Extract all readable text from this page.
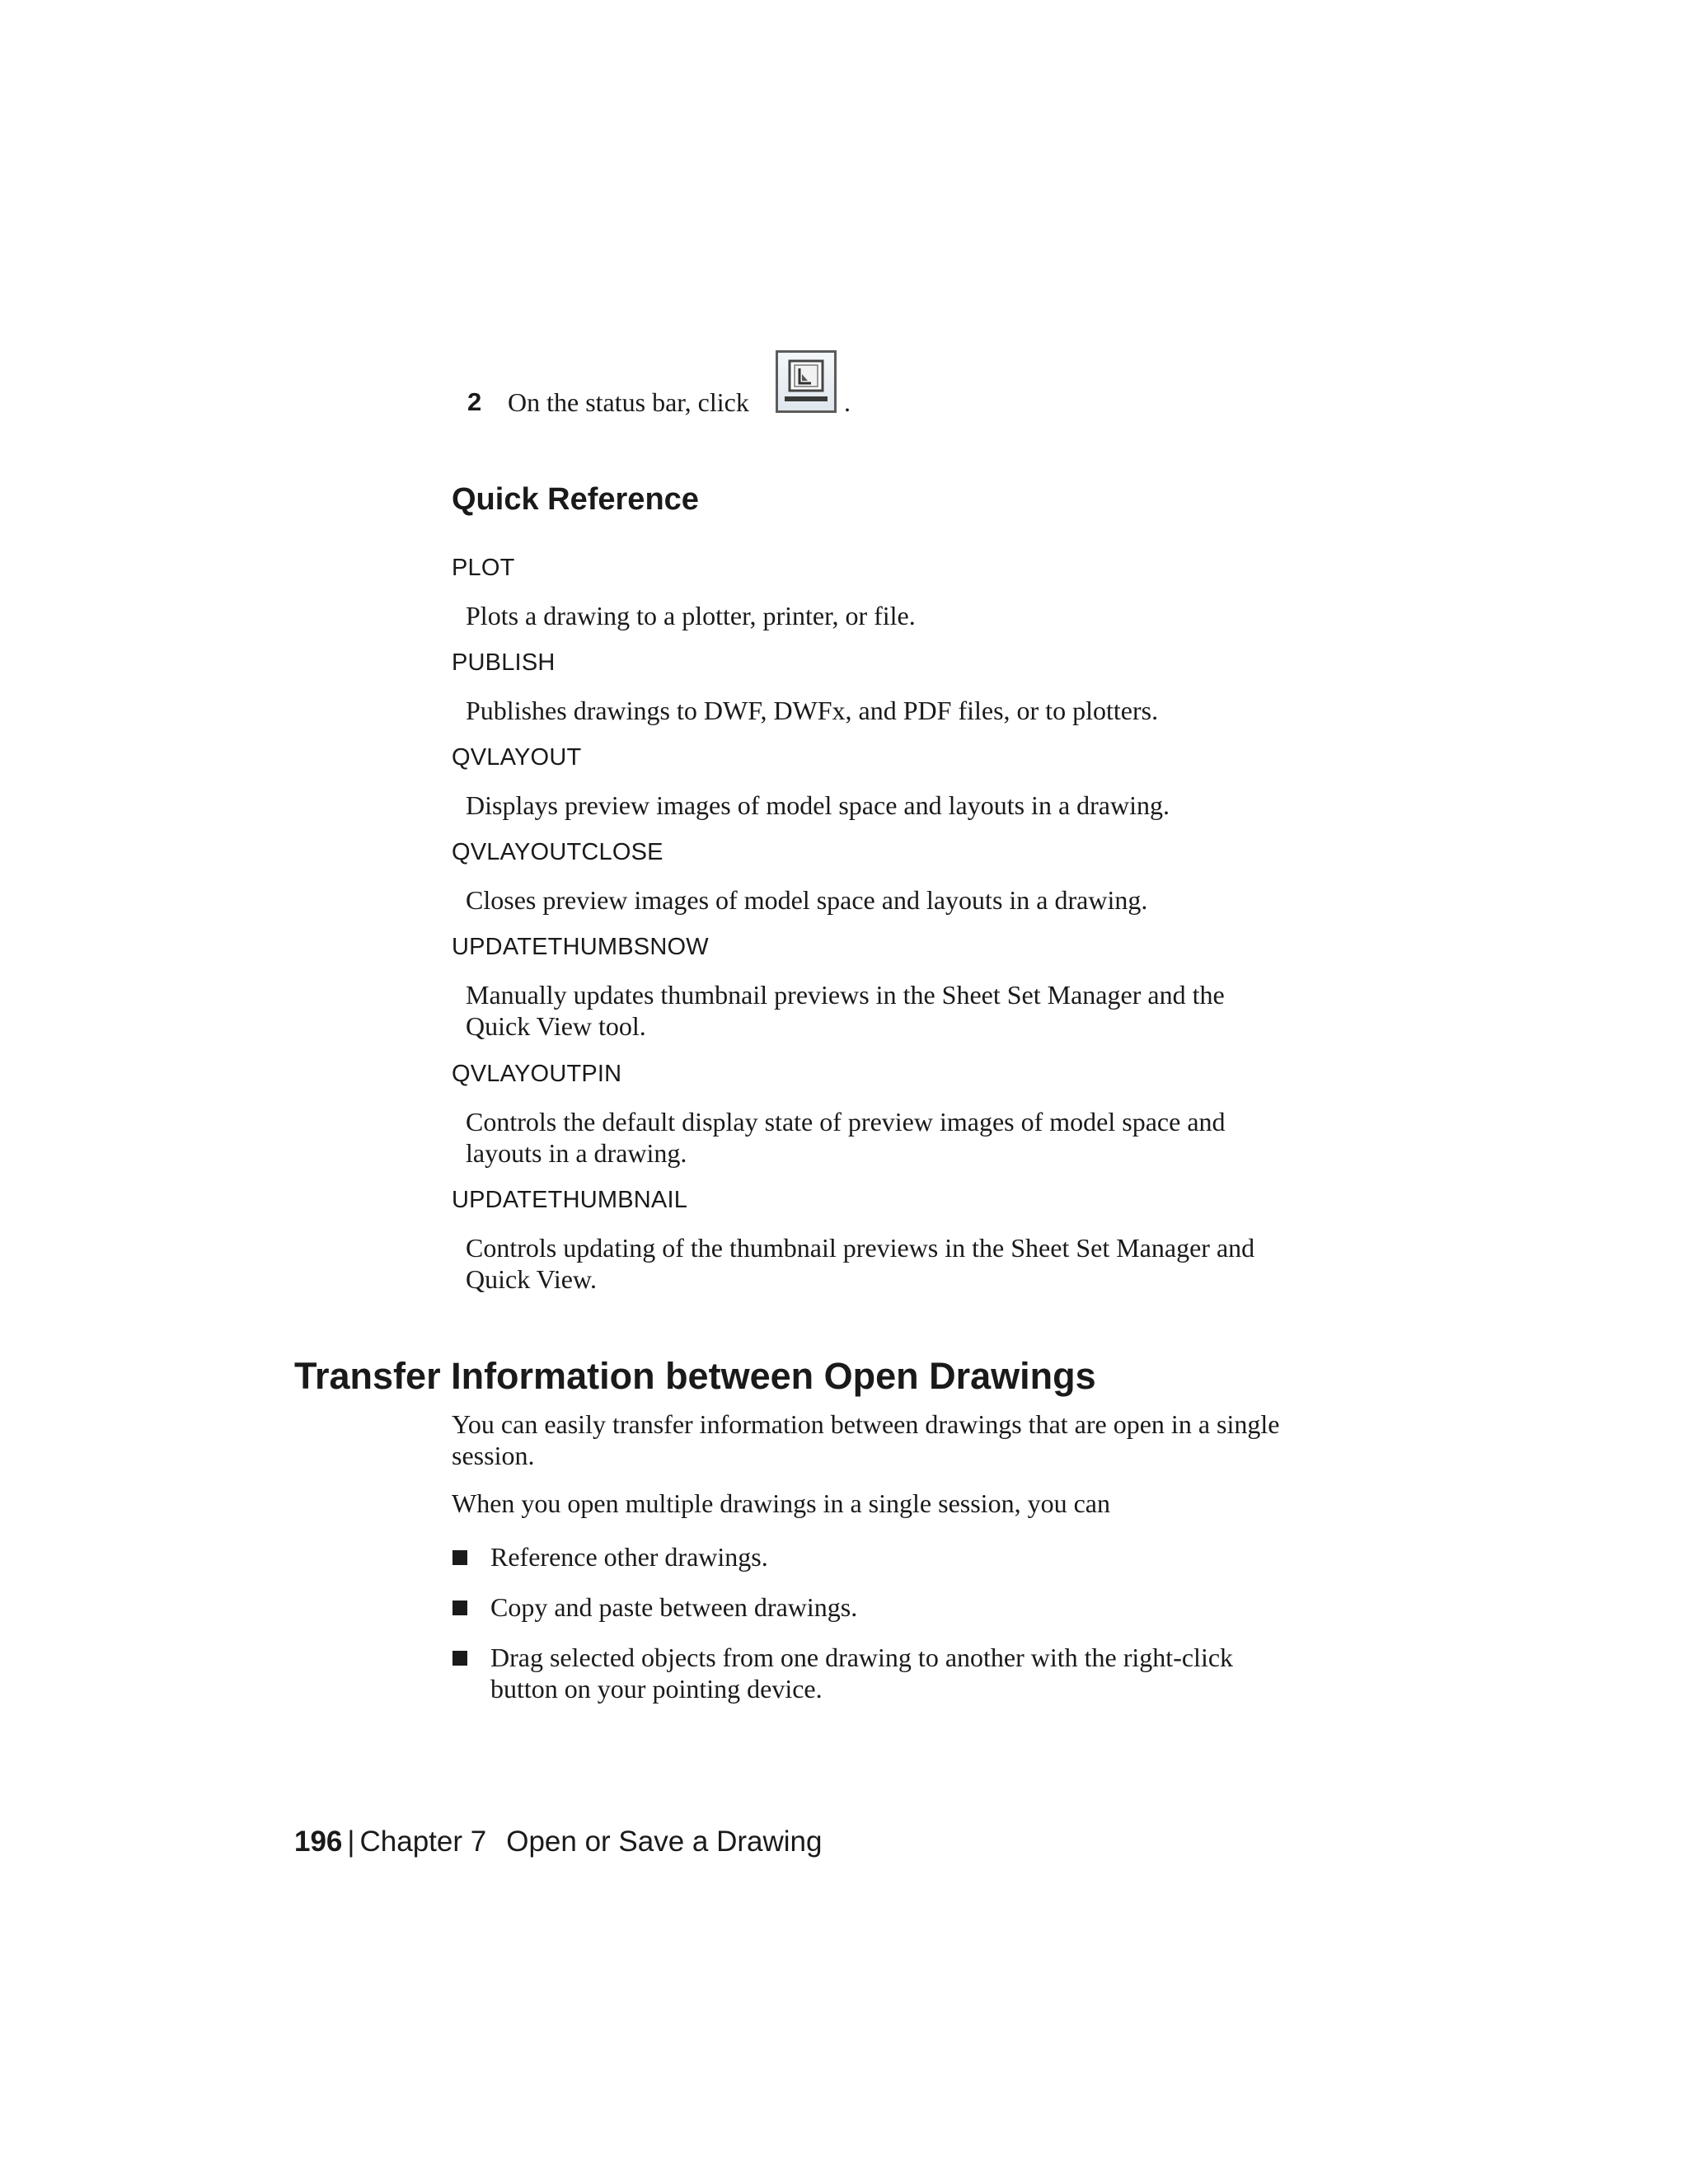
2 On the status bar, click	.
Quick Reference
PLOT
Plots a drawing to a plotter, printer, or file.
PUBLISH
Publishes drawings to DWF, DWFx, and PDF files, or to plotters.
QVLAYOUT
Displays preview images of model space and layouts in a drawing.
QVLAYOUTCLOSE
Closes preview images of model space and layouts in a drawing.
UPDATETHUMBSNOW
Manually updates thumbnail previews in the Sheet Set Manager and the
Quick View tool.
QVLAYOUTPIN
Controls the default display state of preview images of model space and
layouts in a drawing.
UPDATETHUMBNAIL
Controls updating of the thumbnail previews in the Sheet Set Manager and
Quick View.
Transfer Information between Open Drawings
You can easily transfer information between drawings that are open in a single
session.
When you open multiple drawings in a single session, you can
Reference other drawings.
Copy and paste between drawings.
Drag selected objects from one drawing to another with the right-click
button on your pointing device.
196 | Chapter 7 Open or Save a Drawing
